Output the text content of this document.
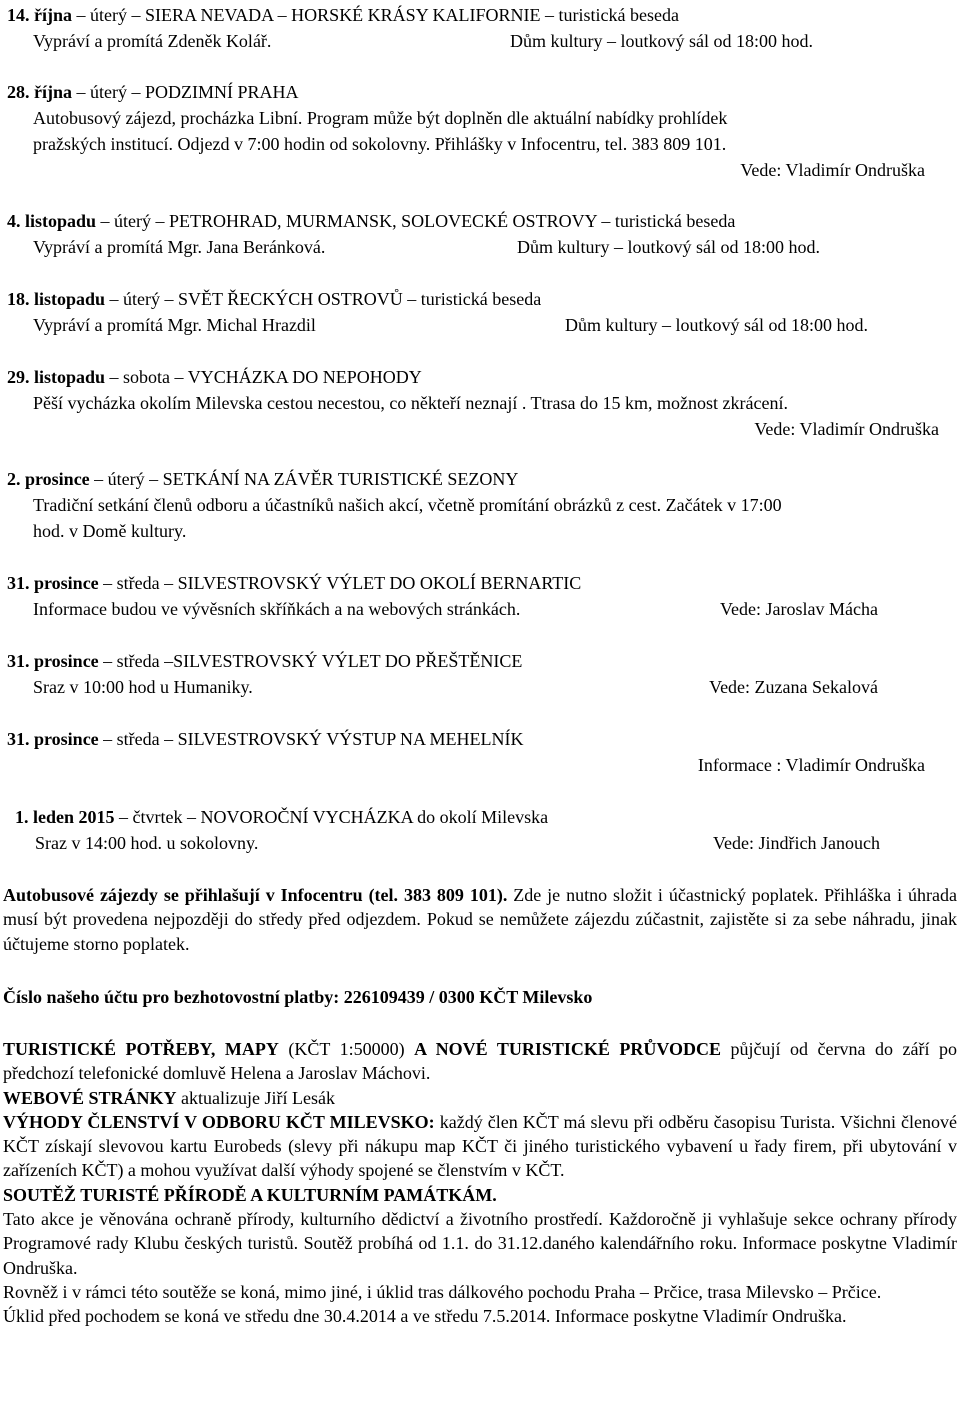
14. října – úterý – SIERA NEVADA – HORSKÉ KRÁSY KALIFORNIE – turistická beseda
Vypráví a promítá Zdeněk Kolář.	Dům kultury – loutkový sál od 18:00 hod.
28. října – úterý – PODZIMNÍ PRAHA
Autobusový zájezd, procházka Libní. Program může být doplněn dle aktuální nabídky prohlídek
pražských institucí. Odjezd v 7:00 hodin od sokolovny. Přihlášky v Infocentru, tel. 383 809 101.
Vede: Vladimír Ondruška
4. listopadu – úterý – PETROHRAD, MURMANSK, SOLOVECKÉ OSTROVY – turistická beseda
Vypráví a promítá Mgr. Jana Beránková.	Dům kultury – loutkový sál od 18:00 hod.
18. listopadu – úterý – SVĚT ŘECKÝCH OSTROVŮ – turistická beseda
Vypráví a promítá Mgr. Michal Hrazdil	Dům kultury – loutkový sál od 18:00 hod.
29. listopadu – sobota – VYCHÁZKA DO NEPOHODY
Pěší vycházka okolím Milevska cestou necestou, co někteří neznají . Ttrasa do 15 km, možnost zkrácení.
Vede: Vladimír Ondruška
2. prosince – úterý – SETKÁNÍ NA ZÁVĚR TURISTICKÉ SEZONY
Tradiční setkání členů odboru a účastníků našich akcí, včetně promítání obrázků z cest. Začátek v 17:00
hod. v Domě kultury.
31. prosince – středa – SILVESTROVSKÝ VÝLET DO OKOLÍ BERNARTIC
Informace budou ve vývěsních skříňkách a na webových stránkách.	Vede: Jaroslav Mácha
31. prosince – středa –SILVESTROVSKÝ VÝLET DO PŘEŠTĚNICE
Sraz v 10:00 hod u Humaniky.	Vede: Zuzana Sekalová
31. prosince – středa – SILVESTROVSKÝ VÝSTUP NA MEHELNÍK
Informace : Vladimír Ondruška
1. leden 2015 – čtvrtek – NOVOROČNÍ VYCHÁZKA do okolí Milevska
Sraz v 14:00 hod. u sokolovny.	Vede: Jindřich Janouch

Autobusové zájezdy se přihlašují v Infocentru (tel. 383 809 101). Zde je nutno složit i účastnický poplatek. Přihláška i úhrada musí být provedena nejpozději do středy před odjezdem. Pokud se nemůžete zájezdu zúčastnit, zajistěte si za sebe náhradu, jinak účtujeme storno poplatek.

Číslo našeho účtu pro bezhotovostní platby: 226109439 / 0300 KČT Milevsko

TURISTICKÉ POTŘEBY, MAPY (KČT 1:50000) A NOVÉ TURISTICKÉ PRŮVODCE půjčují od června do září po předchozí telefonické domluvě Helena a Jaroslav Máchovi.

WEBOVÉ STRÁNKY aktualizuje Jiří Lesák

VÝHODY ČLENSTVÍ V ODBORU KČT MILEVSKO: každý člen KČT má slevu při odběru časopisu Turista. Všichni členové KČT získají slevovou kartu Eurobeds (slevy při nákupu map KČT či jiného turistického vybavení u řady firem, při ubytování v zařízeních KČT) a mohou využívat další výhody spojené se členstvím v KČT.

SOUTĚŽ TURISTÉ PŘÍRODĚ A KULTURNÍM PAMÁTKÁM.

Tato akce je věnována ochraně přírody, kulturního dědictví a životního prostředí. Každoročně ji vyhlašuje sekce ochrany přírody Programové rady Klubu českých turistů. Soutěž probíhá od 1.1. do 31.12.daného kalendářního roku. Informace poskytne Vladimír Ondruška.

Rovněž i v rámci této soutěže se koná, mimo jiné, i úklid tras dálkového pochodu Praha – Prčice, trasa Milevsko – Prčice.

Úklid před pochodem se koná ve středu dne 30.4.2014 a ve středu 7.5.2014. Informace poskytne Vladimír Ondruška.
